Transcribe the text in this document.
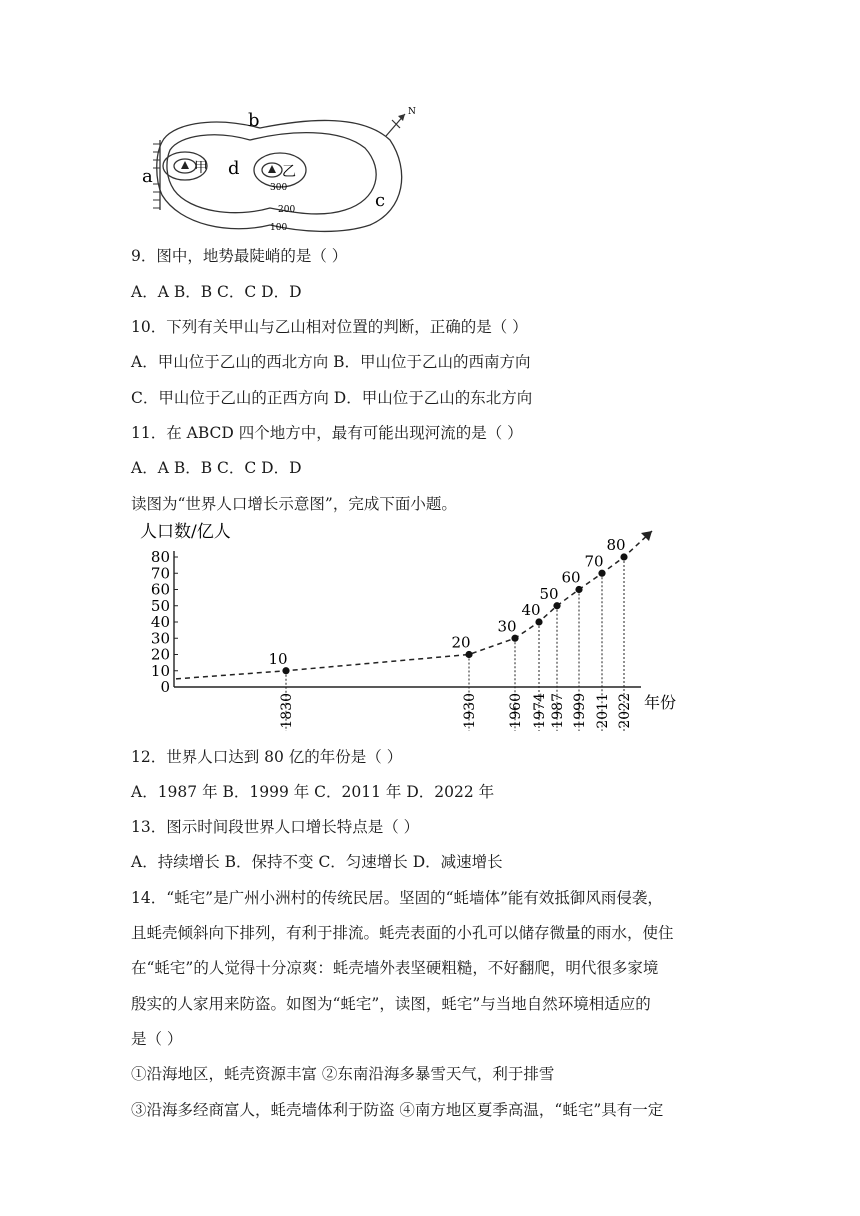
a
b
c
d
甲	乙
300
200
100
N
9．图中，地势最陡峭的是（ ）
A．A B．B C．C D．D
10．下列有关甲山与乙山相对位置的判断，正确的是（ ）
A．甲山位于乙山的西北方向 B．甲山位于乙山的西南方向
C．甲山位于乙山的正西方向 D．甲山位于乙山的东北方向
11．在 ABCD 四个地方中，最有可能出现河流的是（ ）
A．A B．B C．C D．D
读图为“世界人口增长示意图”，完成下面小题。
人口数/亿人
年份
0
10
20
30
40
50
60
70
80
10
1830
20
1930
30
1960
40
1974
50
1987
60
1999
70
2011
80
2022
12．世界人口达到 80 亿的年份是（ ）
A．1987 年 B．1999 年 C．2011 年 D．2022 年
13．图示时间段世界人口增长特点是（ ）
A．持续增长 B．保持不变 C．匀速增长 D．减速增长
14．“蚝宅”是广州小洲村的传统民居。坚固的“蚝墙体”能有效抵御风雨侵袭，
且蚝壳倾斜向下排列，有利于排流。蚝壳表面的小孔可以储存微量的雨水，使住
在“蚝宅”的人觉得十分凉爽：蚝壳墙外表坚硬粗糙，不好翻爬，明代很多家境
殷实的人家用来防盗。如图为“蚝宅”，读图，蚝宅”与当地自然环境相适应的
是（ ）
①沿海地区，蚝壳资源丰富 ②东南沿海多暴雪天气，利于排雪
③沿海多经商富人，蚝壳墙体利于防盗 ④南方地区夏季高温，“蚝宅”具有一定
